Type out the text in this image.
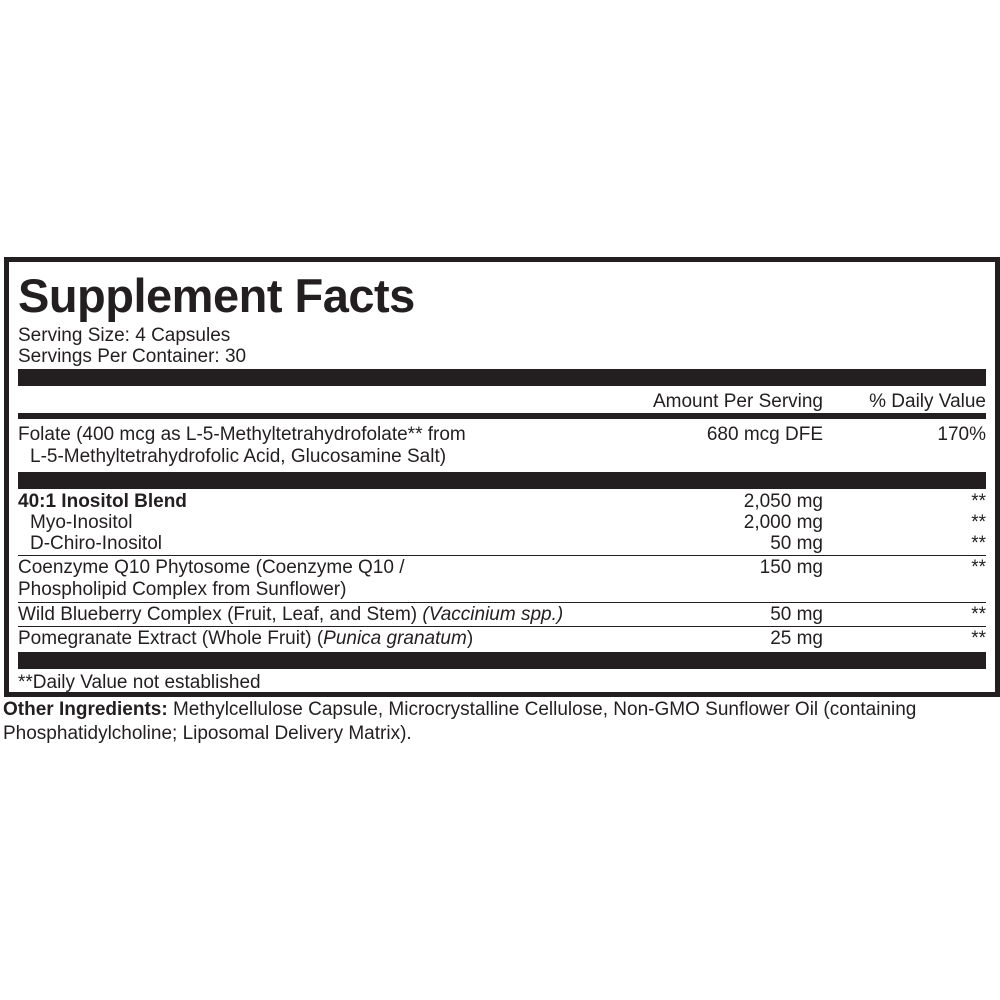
Supplement Facts
Serving Size: 4 Capsules
Servings Per Container: 30
Amount Per Serving % Daily Value
Folate (400 mcg as L-5-Methyltetrahydrofolate** from
L-5-Methyltetrahydrofolic Acid, Glucosamine Salt)
680 mcg DFE	170%
40:1 Inositol Blend	2,050 mg	**
Myo-Inositol	2,000 mg	**
D-Chiro-Inositol	50 mg	**
Coenzyme Q10 Phytosome (Coenzyme Q10 /
Phospholipid Complex from Sunflower)
150 mg	**
Wild Blueberry Complex (Fruit, Leaf, and Stem) (Vaccinium spp.)	50 mg	**
Pomegranate Extract (Whole Fruit) (Punica granatum)	25 mg	**
**Daily Value not established
Other Ingredients: Methylcellulose Capsule, Microcrystalline Cellulose, Non-GMO Sunflower Oil (containing Phosphatidylcholine; Liposomal Delivery Matrix).
